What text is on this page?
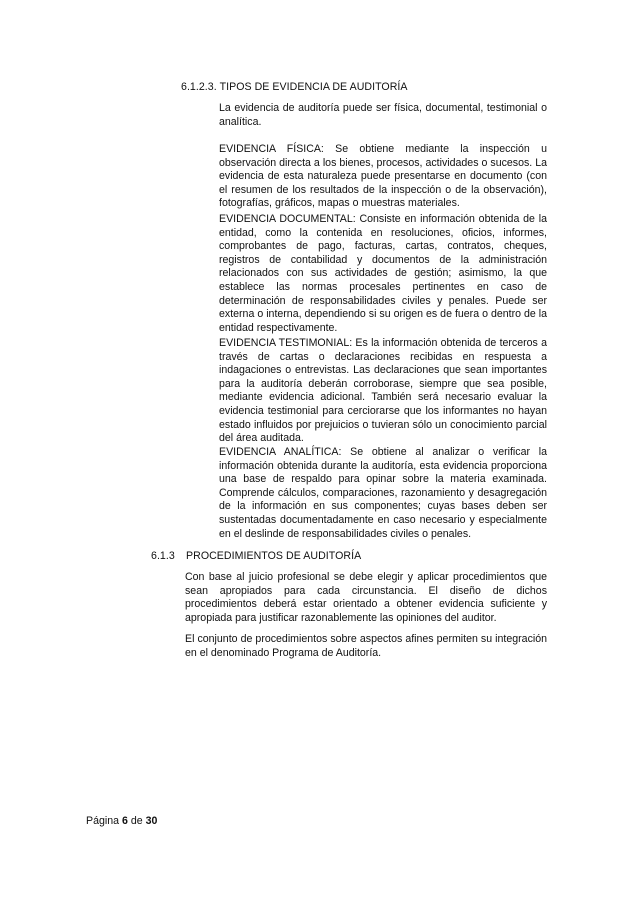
6.1.2.3. TIPOS DE EVIDENCIA DE AUDITORÍA

La evidencia de auditoría puede ser física, documental, testimonial o analítica.

EVIDENCIA FÍSICA: Se obtiene mediante la inspección u observación directa a los bienes, procesos, actividades o sucesos. La evidencia de esta naturaleza puede presentarse en documento (con el resumen de los resultados de la inspección o de la observación), fotografías, gráficos, mapas o muestras materiales.

EVIDENCIA DOCUMENTAL: Consiste en información obtenida de la entidad, como la contenida en resoluciones, oficios, informes, comprobantes de pago, facturas, cartas, contratos, cheques, registros de contabilidad y documentos de la administración relacionados con sus actividades de gestión; asimismo, la que establece las normas procesales pertinentes en caso de determinación de responsabilidades civiles y penales. Puede ser externa o interna, dependiendo si su origen es de fuera o dentro de la entidad respectivamente.

EVIDENCIA TESTIMONIAL: Es la información obtenida de terceros a través de cartas o declaraciones recibidas en respuesta a indagaciones o entrevistas. Las declaraciones que sean importantes para la auditoría deberán corroborase, siempre que sea posible, mediante evidencia adicional. También será necesario evaluar la evidencia testimonial para cerciorarse que los informantes no hayan estado influidos por prejuicios o tuvieran sólo un conocimiento parcial del área auditada.

EVIDENCIA ANALÍTICA: Se obtiene al analizar o verificar la información obtenida durante la auditoría, esta evidencia proporciona una base de respaldo para opinar sobre la materia examinada. Comprende cálculos, comparaciones, razonamiento y desagregación de la información en sus componentes; cuyas bases deben ser sustentadas documentadamente en caso necesario y especialmente en el deslinde de responsabilidades civiles o penales.

6.1.3 PROCEDIMIENTOS DE AUDITORÍA

Con base al juicio profesional se debe elegir y aplicar procedimientos que sean apropiados para cada circunstancia. El diseño de dichos procedimientos deberá estar orientado a obtener evidencia suficiente y apropiada para justificar razonablemente las opiniones del auditor.

El conjunto de procedimientos sobre aspectos afines permiten su integración en el denominado Programa de Auditoría.

Página 6 de 30
